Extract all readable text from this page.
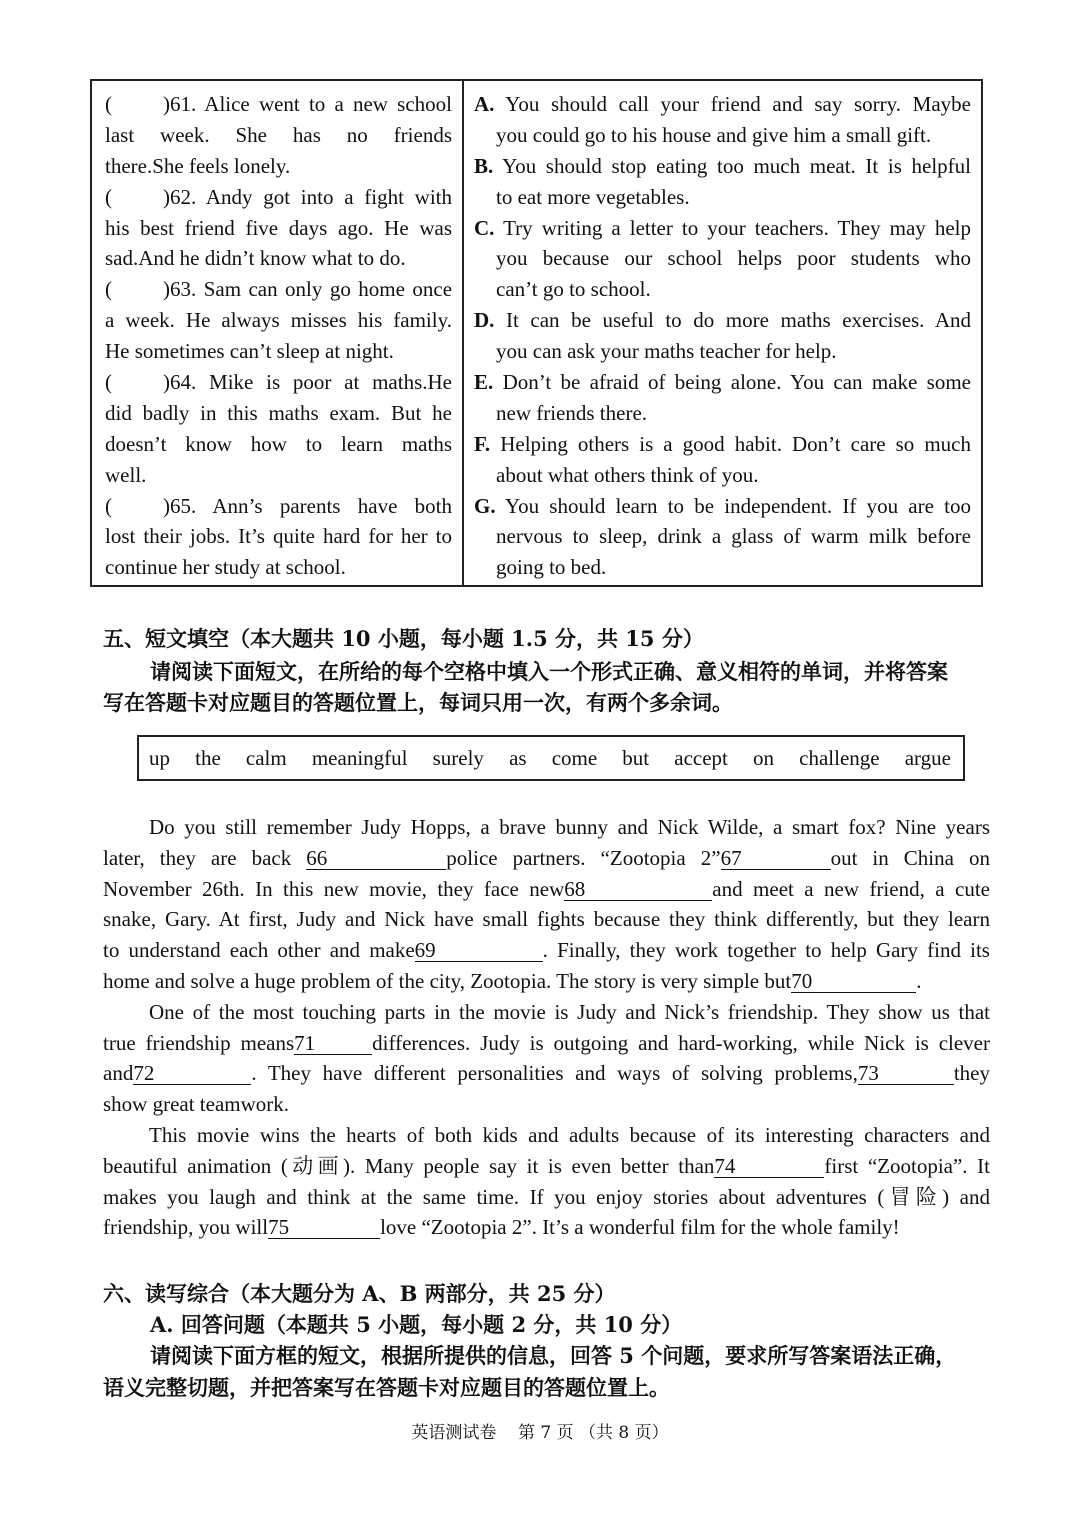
( )61. Alice went to a new school
last week. She has no friends
there.She feels lonely.
( )62. Andy got into a fight with
his best friend five days ago. He was
sad.And he didn’t know what to do.
( )63. Sam can only go home once
a week. He always misses his family.
He sometimes can’t sleep at night.
( )64. Mike is poor at maths.He
did badly in this maths exam. But he
doesn’t know how to learn maths
well.
( )65. Ann’s parents have both
lost their jobs. It’s quite hard for her to
continue her study at school.
A. You should call your friend and say sorry. Maybe
you could go to his house and give him a small gift.
B. You should stop eating too much meat. It is helpful
to eat more vegetables.
C. Try writing a letter to your teachers. They may help
you because our school helps poor students who
can’t go to school.
D. It can be useful to do more maths exercises. And
you can ask your maths teacher for help.
E. Don’t be afraid of being alone. You can make some
new friends there.
F. Helping others is a good habit. Don’t care so much
about what others think of you.
G. You should learn to be independent. If you are too
nervous to sleep, drink a glass of warm milk before
going to bed.
五、短文填空（本大题共 10 小题，每小题 1.5 分，共 15 分）
请阅读下面短文，在所给的每个空格中填入一个形式正确、意义相符的单词，并将答案
写在答题卡对应题目的答题位置上，每词只用一次，有两个多余词。
up the calm meaningful surely as come but accept on challenge argue
Do you still remember Judy Hopps, a brave bunny and Nick Wilde, a smart fox? Nine years
later, they are back 66	police partners. “Zootopia 2”67	out in China on
November 26th. In this new movie, they face new68	and meet a new friend, a cute
snake, Gary. At first, Judy and Nick have small fights because they think differently, but they learn
to understand each other and make69	. Finally, they work together to help Gary find its
home and solve a huge problem of the city, Zootopia. The story is very simple but70	.
One of the most touching parts in the movie is Judy and Nick’s friendship. They show us that
true friendship means71	differences. Judy is outgoing and hard-working, while Nick is clever
and72	. They have different personalities and ways of solving problems,73	they
show great teamwork.
This movie wins the hearts of both kids and adults because of its interesting characters and
beautiful animation (动画). Many people say it is even better than74	first “Zootopia”. It
makes you laugh and think at the same time. If you enjoy stories about adventures (冒险) and
friendship, you will75	love “Zootopia 2”. It’s a wonderful film for the whole family!
六、读写综合（本大题分为 A、B 两部分，共 25 分）
A. 回答问题（本题共 5 小题，每小题 2 分，共 10 分）
请阅读下面方框的短文，根据所提供的信息，回答 5 个问题，要求所写答案语法正确，
语义完整切题，并把答案写在答题卡对应题目的答题位置上。
英语测试卷 第 7 页 （共 8 页）
